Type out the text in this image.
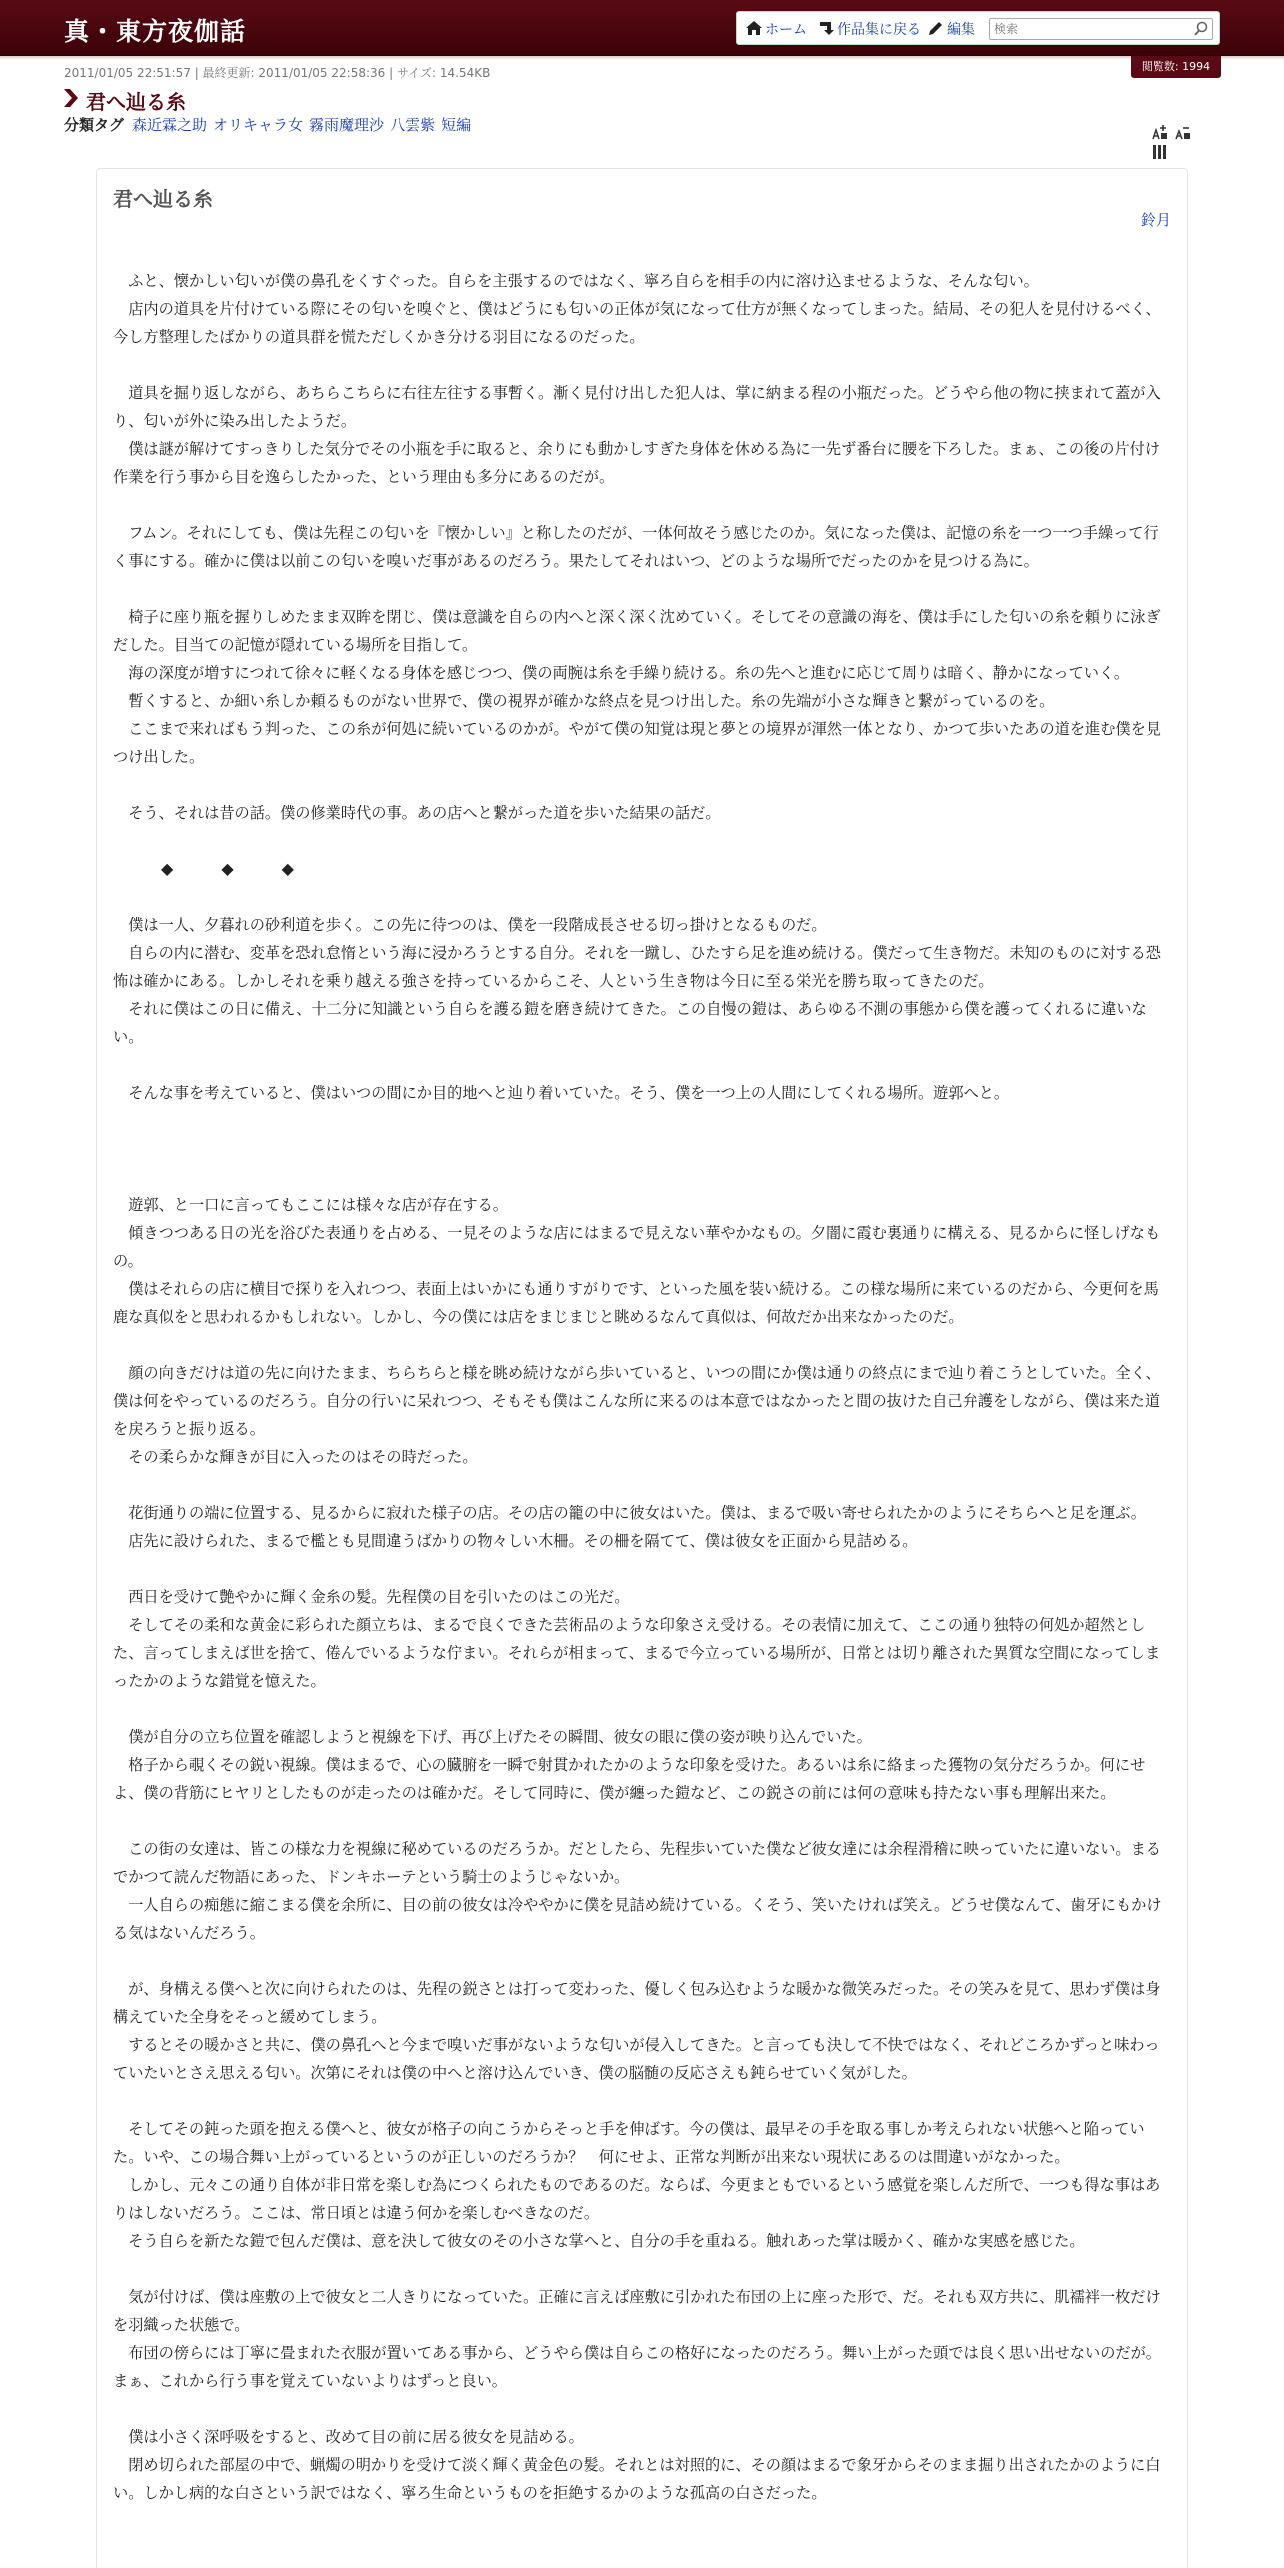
真・東方夜伽話	ホーム	作品集に戻る	編集
検索
2011/01/05 22:51:57 | 最終更新: 2011/01/05 22:58:36 | サイズ: 14.54KB	閲覧数: 1994
君へ辿る糸
分類タグ 森近霖之助 オリキャラ女 霧雨魔理沙 八雲紫 短編

君へ辿る糸
鈴月
　ふと、懐かしい匂いが僕の鼻孔をくすぐった。自らを主張するのではなく、寧ろ自らを相手の内に溶け込ませるような、そんな匂い。
　店内の道具を片付けている際にその匂いを嗅ぐと、僕はどうにも匂いの正体が気になって仕方が無くなってしまった。結局、その犯人を見付けるべく、今し方整理したばかりの道具群を慌ただしくかき分ける羽目になるのだった。
　道具を掘り返しながら、あちらこちらに右往左往する事暫く。漸く見付け出した犯人は、掌に納まる程の小瓶だった。どうやら他の物に挟まれて蓋が入り、匂いが外に染み出したようだ。
　僕は謎が解けてすっきりした気分でその小瓶を手に取ると、余りにも動かしすぎた身体を休める為に一先ず番台に腰を下ろした。まぁ、この後の片付け作業を行う事から目を逸らしたかった、という理由も多分にあるのだが。
　フムン。それにしても、僕は先程この匂いを『懐かしい』と称したのだが、一体何故そう感じたのか。気になった僕は、記憶の糸を一つ一つ手繰って行く事にする。確かに僕は以前この匂いを嗅いだ事があるのだろう。果たしてそれはいつ、どのような場所でだったのかを見つける為に。
　椅子に座り瓶を握りしめたまま双眸を閉じ、僕は意識を自らの内へと深く深く沈めていく。そしてその意識の海を、僕は手にした匂いの糸を頼りに泳ぎだした。目当ての記憶が隠れている場所を目指して。
　海の深度が増すにつれて徐々に軽くなる身体を感じつつ、僕の両腕は糸を手繰り続ける。糸の先へと進むに応じて周りは暗く、静かになっていく。
　暫くすると、か細い糸しか頼るものがない世界で、僕の視界が確かな終点を見つけ出した。糸の先端が小さな輝きと繋がっているのを。
　ここまで来ればもう判った、この糸が何処に続いているのかが。やがて僕の知覚は現と夢との境界が渾然一体となり、かつて歩いたあの道を進む僕を見つけ出した。
　そう、それは昔の話。僕の修業時代の事。あの店へと繋がった道を歩いた結果の話だ。
◆	◆	◆
　僕は一人、夕暮れの砂利道を歩く。この先に待つのは、僕を一段階成長させる切っ掛けとなるものだ。
　自らの内に潜む、変革を恐れ怠惰という海に浸かろうとする自分。それを一蹴し、ひたすら足を進め続ける。僕だって生き物だ。未知のものに対する恐怖は確かにある。しかしそれを乗り越える強さを持っているからこそ、人という生き物は今日に至る栄光を勝ち取ってきたのだ。
　それに僕はこの日に備え、十二分に知識という自らを護る鎧を磨き続けてきた。この自慢の鎧は、あらゆる不測の事態から僕を護ってくれるに違いない。
　そんな事を考えていると、僕はいつの間にか目的地へと辿り着いていた。そう、僕を一つ上の人間にしてくれる場所。遊郭へと。
　遊郭、と一口に言ってもここには様々な店が存在する。
　傾きつつある日の光を浴びた表通りを占める、一見そのような店にはまるで見えない華やかなもの。夕闇に霞む裏通りに構える、見るからに怪しげなもの。
　僕はそれらの店に横目で探りを入れつつ、表面上はいかにも通りすがりです、といった風を装い続ける。この様な場所に来ているのだから、今更何を馬鹿な真似をと思われるかもしれない。しかし、今の僕には店をまじまじと眺めるなんて真似は、何故だか出来なかったのだ。
　顔の向きだけは道の先に向けたまま、ちらちらと様を眺め続けながら歩いていると、いつの間にか僕は通りの終点にまで辿り着こうとしていた。全く、僕は何をやっているのだろう。自分の行いに呆れつつ、そもそも僕はこんな所に来るのは本意ではなかったと間の抜けた自己弁護をしながら、僕は来た道を戻ろうと振り返る。
　その柔らかな輝きが目に入ったのはその時だった。
　花街通りの端に位置する、見るからに寂れた様子の店。その店の籠の中に彼女はいた。僕は、まるで吸い寄せられたかのようにそちらへと足を運ぶ。
　店先に設けられた、まるで檻とも見間違うばかりの物々しい木柵。その柵を隔てて、僕は彼女を正面から見詰める。
　西日を受けて艶やかに輝く金糸の髪。先程僕の目を引いたのはこの光だ。
　そしてその柔和な黄金に彩られた顔立ちは、まるで良くできた芸術品のような印象さえ受ける。その表情に加えて、ここの通り独特の何処か超然とした、言ってしまえば世を捨て、倦んでいるような佇まい。それらが相まって、まるで今立っている場所が、日常とは切り離された異質な空間になってしまったかのような錯覚を憶えた。
　僕が自分の立ち位置を確認しようと視線を下げ、再び上げたその瞬間、彼女の眼に僕の姿が映り込んでいた。
　格子から覗くその鋭い視線。僕はまるで、心の臓腑を一瞬で射貫かれたかのような印象を受けた。あるいは糸に絡まった獲物の気分だろうか。何にせよ、僕の背筋にヒヤリとしたものが走ったのは確かだ。そして同時に、僕が纏った鎧など、この鋭さの前には何の意味も持たない事も理解出来た。
　この街の女達は、皆この様な力を視線に秘めているのだろうか。だとしたら、先程歩いていた僕など彼女達には余程滑稽に映っていたに違いない。まるでかつて読んだ物語にあった、ドンキホーテという騎士のようじゃないか。
　一人自らの痴態に縮こまる僕を余所に、目の前の彼女は冷ややかに僕を見詰め続けている。くそう、笑いたければ笑え。どうせ僕なんて、歯牙にもかける気はないんだろう。
　が、身構える僕へと次に向けられたのは、先程の鋭さとは打って変わった、優しく包み込むような暖かな微笑みだった。その笑みを見て、思わず僕は身構えていた全身をそっと緩めてしまう。
　するとその暖かさと共に、僕の鼻孔へと今まで嗅いだ事がないような匂いが侵入してきた。と言っても決して不快ではなく、それどころかずっと味わっていたいとさえ思える匂い。次第にそれは僕の中へと溶け込んでいき、僕の脳髄の反応さえも鈍らせていく気がした。
　そしてその鈍った頭を抱える僕へと、彼女が格子の向こうからそっと手を伸ばす。今の僕は、最早その手を取る事しか考えられない状態へと陥っていた。いや、この場合舞い上がっているというのが正しいのだろうか？　何にせよ、正常な判断が出来ない現状にあるのは間違いがなかった。
　しかし、元々この通り自体が非日常を楽しむ為につくられたものであるのだ。ならば、今更まともでいるという感覚を楽しんだ所で、一つも得な事はありはしないだろう。ここは、常日頃とは違う何かを楽しむべきなのだ。
　そう自らを新たな鎧で包んだ僕は、意を決して彼女のその小さな掌へと、自分の手を重ねる。触れあった掌は暖かく、確かな実感を感じた。
　気が付けば、僕は座敷の上で彼女と二人きりになっていた。正確に言えば座敷に引かれた布団の上に座った形で、だ。それも双方共に、肌襦袢一枚だけを羽織った状態で。
　布団の傍らには丁寧に畳まれた衣服が置いてある事から、どうやら僕は自らこの格好になったのだろう。舞い上がった頭では良く思い出せないのだが。まぁ、これから行う事を覚えていないよりはずっと良い。
　僕は小さく深呼吸をすると、改めて目の前に居る彼女を見詰める。
　閉め切られた部屋の中で、蝋燭の明かりを受けて淡く輝く黄金色の髪。それとは対照的に、その顔はまるで象牙からそのまま掘り出されたかのように白い。しかし病的な白さという訳ではなく、寧ろ生命というものを拒絶するかのような孤高の白さだった。
